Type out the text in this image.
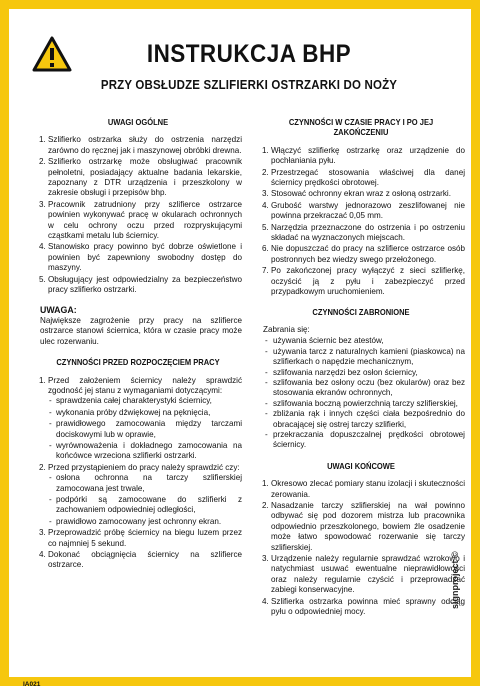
INSTRUKCJA BHP
PRZY OBSŁUDZE SZLIFIERKI OSTRZARKI DO NOŻY
UWAGI OGÓLNE
1. Szlifierko ostrzarka służy do ostrzenia narzędzi zarówno do ręcznej jak i maszynowej obróbki drewna.
2. Szlifierko ostrzarkę może obsługiwać pracownik pełnoletni, posiadający aktualne badania lekarskie, zapoznany z DTR urządzenia i przeszkolony w zakresie obsługi i przepisów bhp.
3. Pracownik zatrudniony przy szlifierce ostrzarce powinien wykonywać pracę w okularach ochronnych w celu ochrony oczu przed rozpryskującymi cząstkami metalu lub ściernicy.
4. Stanowisko pracy powinno być dobrze oświetlone i powinien być zapewniony swobodny dostęp do maszyny.
5. Obsługujący jest odpowiedzialny za bezpieczeństwo pracy szlifierko ostrzarki.
UWAGA:
Największe zagrożenie przy pracy na szlifierce ostrzarce stanowi ściernica, która w czasie pracy może ulec rozerwaniu.
CZYNNOŚCI PRZED ROZPOCZĘCIEM PRACY
1. Przed założeniem ściernicy należy sprawdzić zgodność jej stanu z wymaganiami dotyczącymi:
- sprawdzenia całej charakterystyki ściernicy,
- wykonania próby dźwiękowej na pęknięcia,
- prawidłowego zamocowania między tarczami dociskowymi lub w oprawie,
- wyrównoważenia i dokładnego zamocowania na końcówce wrzeciona szlifierki ostrzarki.
2. Przed przystąpieniem do pracy należy sprawdzić czy:
- osłona ochronna na tarczy szlifierskiej zamocowana jest trwale,
- podpórki są zamocowane do szlifierki z zachowaniem odpowiedniej odległości,
- prawidłowo zamocowany jest ochronny ekran.
3. Przeprowadzić próbę ściernicy na biegu luzem przez co najmniej 5 sekund.
4. Dokonać obciągnięcia ściernicy na szlifierce ostrzarce.
CZYNNOŚCI W CZASIE PRACY I PO JEJ ZAKOŃCZENIU
1. Włączyć szlifierkę ostrzarkę oraz urządzenie do pochłaniania pyłu.
2. Przestrzegać stosowania właściwej dla danej ściernicy prędkości obrotowej.
3. Stosować ochronny ekran wraz z osłoną ostrzarki.
4. Grubość warstwy jednorazowo zeszlifowanej nie powinna przekraczać 0,05 mm.
5. Narzędzia przeznaczone do ostrzenia i po ostrzeniu składać na wyznaczonych miejscach.
6. Nie dopuszczać do pracy na szlifierce ostrzarce osób postronnych bez wiedzy swego przełożonego.
7. Po zakończonej pracy wyłączyć z sieci szlifierkę, oczyścić ją z pyłu i zabezpieczyć przed przypadkowym uruchomieniem.
CZYNNOŚCI ZABRONIONE
Zabrania się:
- używania ściernic bez atestów,
- używania tarcz z naturalnych kamieni (piaskowca) na szlifierkach o napędzie mechanicznym,
- szlifowania narzędzi bez osłon ściernicy,
- szlifowania bez osłony oczu (bez okularów) oraz bez stosowania ekranów ochronnych,
- szlifowania boczną powierzchnią tarczy szlifierskiej,
- zbliżania rąk i innych części ciała bezpośrednio do obracającej się ostrej tarczy szlifierki,
- przekraczania dopuszczalnej prędkości obrotowej ściernicy.
UWAGI KOŃCOWE
1. Okresowo zlecać pomiary stanu izolacji i skuteczności zerowania.
2. Nasadzanie tarczy szlifierskiej na wał powinno odbywać się pod dozorem mistrza lub pracownika odpowiednio przeszkolonego, bowiem źle osadzenie może łatwo spowodować rozerwanie się tarczy szlifierskiej.
3. Urządzenie należy regularnie sprawdzać wzrokowo i natychmiast usuwać ewentualne nieprawidłowości oraz należy regularnie czyścić i przeprowadzać zabiegi konserwacyjne.
4. Szlifierka ostrzarka powinna mieć sprawny odciąg pyłu o odpowiedniej mocy.
IA021
signproject ©
